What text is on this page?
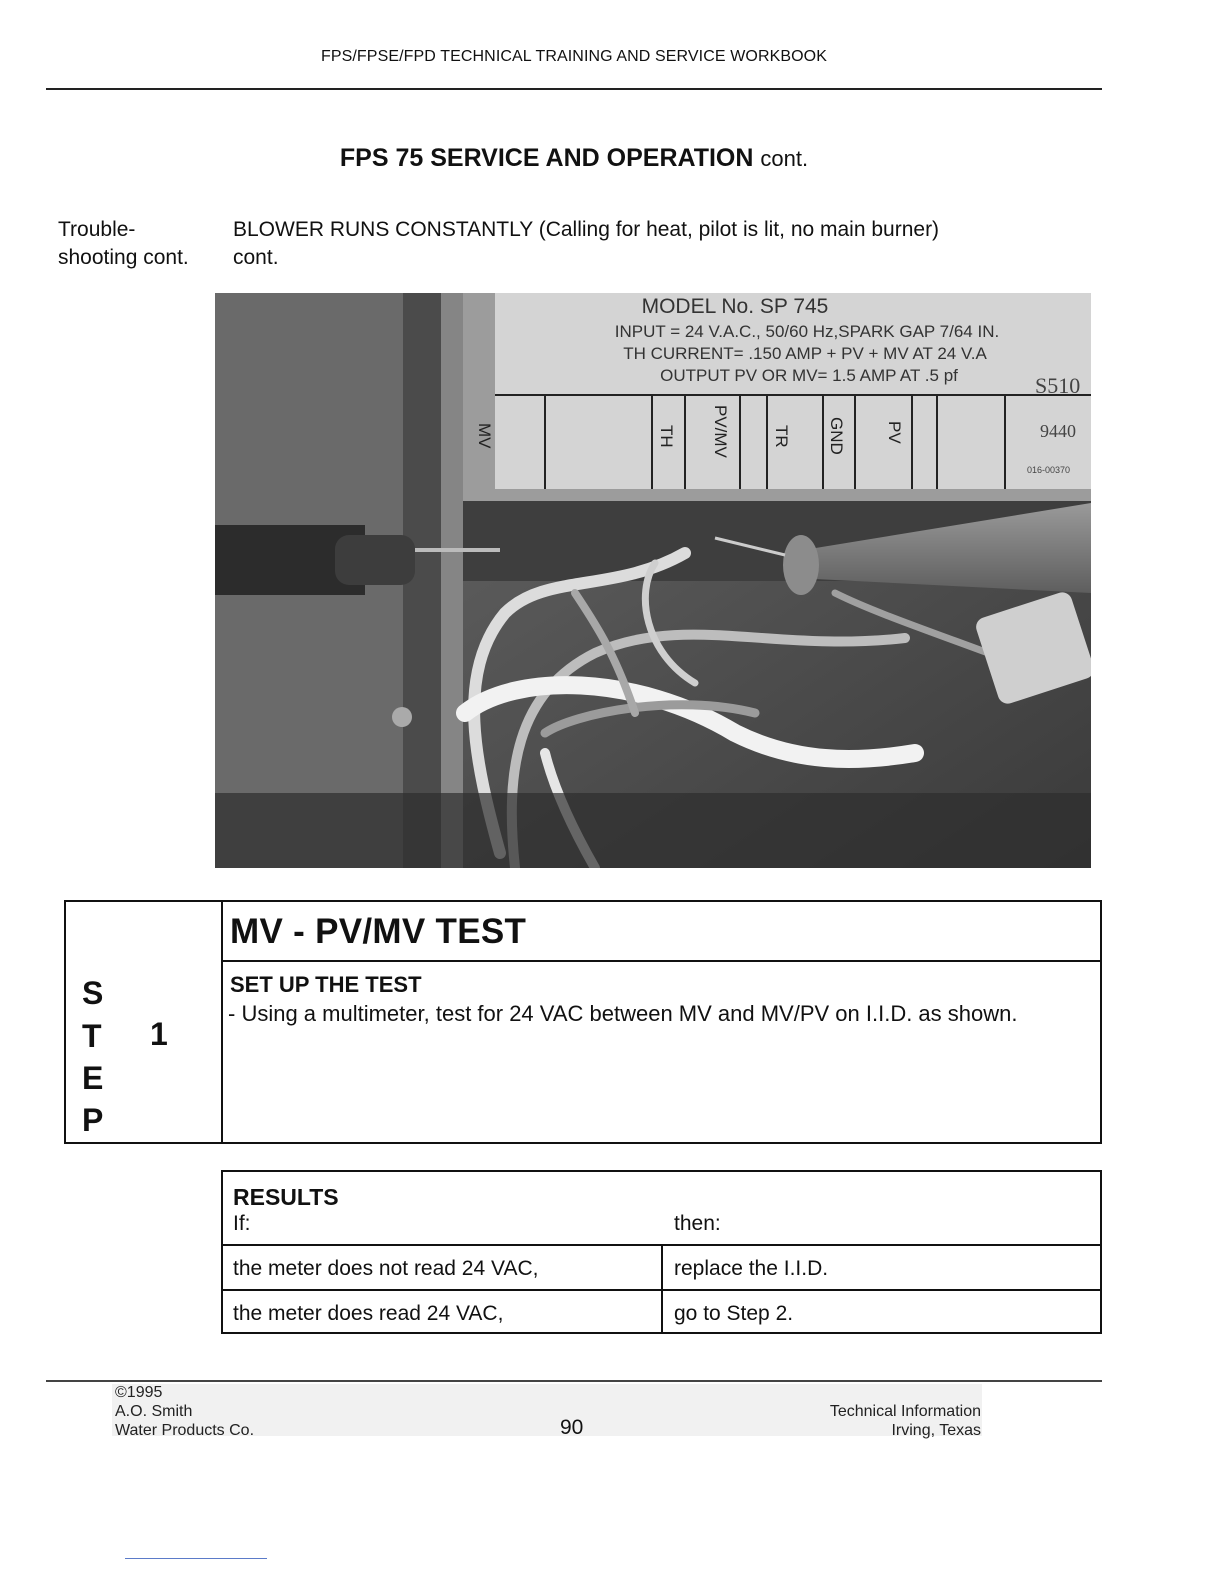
FPS/FPSE/FPD TECHNICAL TRAINING AND SERVICE WORKBOOK
FPS 75 SERVICE AND OPERATION cont.
Trouble-
shooting cont.
BLOWER RUNS CONSTANTLY (Calling for heat, pilot is lit, no main burner)
cont.
MODEL No. SP 745
INPUT = 24 V.A.C., 50/60 Hz,SPARK GAP 7/64 IN.
TH CURRENT= .150 AMP + PV + MV AT 24 V.A
OUTPUT PV OR MV= 1.5 AMP AT .5 pf
MV	TH PV/MV TR GND PV
S510
9440
016-00370
S
T
E
P
1
MV - PV/MV TEST
SET UP THE TEST
- Using a multimeter, test for 24 VAC between MV and MV/PV on I.I.D. as shown.
RESULTS
If:	then:
the meter does not read 24 VAC,	replace the I.I.D.
the meter does read 24 VAC,	go to Step 2.
©1995
A.O. Smith
Water Products Co.	90
Technical Information
Irving, Texas
